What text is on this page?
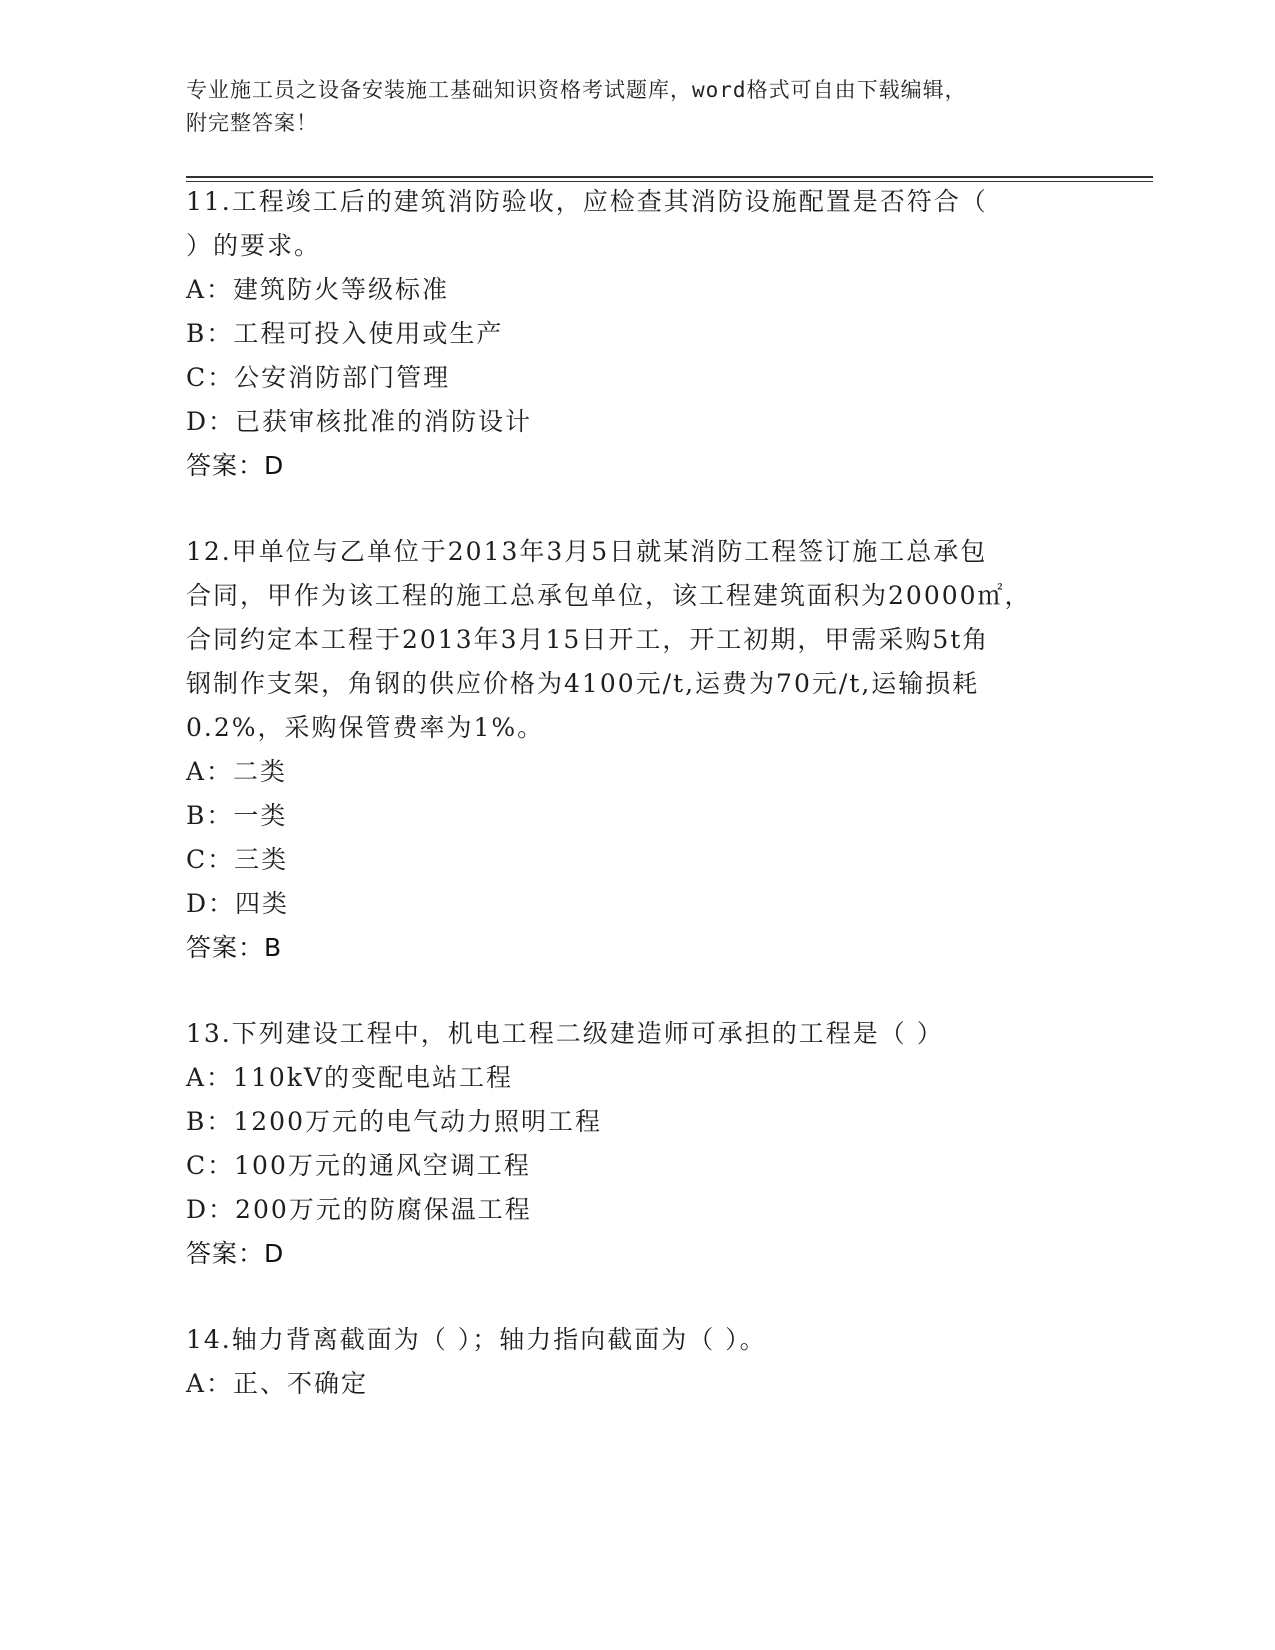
专业施工员之设备安装施工基础知识资格考试题库，word格式可自由下载编辑，
附完整答案！
11.工程竣工后的建筑消防验收，应检查其消防设施配置是否符合（
）的要求。
A：建筑防火等级标准
B：工程可投入使用或生产
C：公安消防部门管理
D：已获审核批准的消防设计
答案：D
12.甲单位与乙单位于2013年3月5日就某消防工程签订施工总承包
合同，甲作为该工程的施工总承包单位，该工程建筑面积为20000㎡，
合同约定本工程于2013年3月15日开工，开工初期，甲需采购5t角
钢制作支架，角钢的供应价格为4100元/t,运费为70元/t,运输损耗
0.2%，采购保管费率为1%。
A：二类
B：一类
C：三类
D：四类
答案：B
13.下列建设工程中，机电工程二级建造师可承担的工程是（ ）
A：110kV的变配电站工程
B：1200万元的电气动力照明工程
C：100万元的通风空调工程
D：200万元的防腐保温工程
答案：D
14.轴力背离截面为（ ）；轴力指向截面为（ ）。
A：正、不确定
